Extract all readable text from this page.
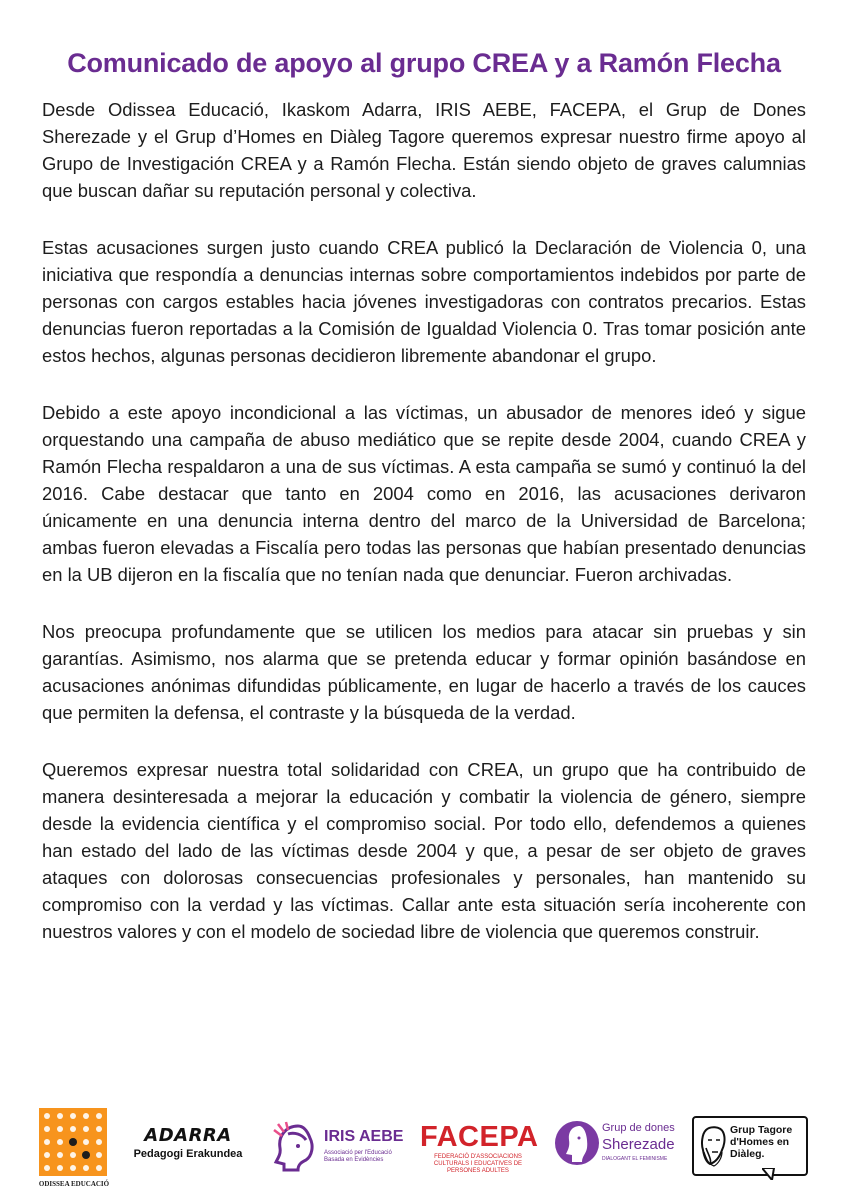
Comunicado de apoyo al grupo CREA y a Ramón Flecha

Desde Odissea Educació, Ikaskom Adarra, IRIS AEBE, FACEPA, el Grup de Dones Sherezade y el Grup d’Homes en Diàleg Tagore queremos expresar nuestro firme apoyo al Grupo de Investigación CREA y a Ramón Flecha. Están siendo objeto de graves calumnias que buscan dañar su reputación personal y colectiva.

Estas acusaciones surgen justo cuando CREA publicó la Declaración de Violencia 0, una iniciativa que respondía a denuncias internas sobre comportamientos indebidos por parte de personas con cargos estables hacia jóvenes investigadoras con contratos precarios. Estas denuncias fueron reportadas a la Comisión de Igualdad Violencia 0. Tras tomar posición ante estos hechos, algunas personas decidieron libremente abandonar el grupo.

Debido a este apoyo incondicional a las víctimas, un abusador de menores ideó y sigue orquestando una campaña de abuso mediático que se repite desde 2004, cuando CREA y Ramón Flecha respaldaron a una de sus víctimas. A esta campaña se sumó y continuó la del 2016. Cabe destacar que tanto en 2004 como en 2016, las acusaciones derivaron únicamente en una denuncia interna dentro del marco de la Universidad de Barcelona; ambas fueron elevadas a Fiscalía pero todas las personas que habían presentado denuncias en la UB dijeron en la fiscalía que no tenían nada que denunciar. Fueron archivadas.

Nos preocupa profundamente que se utilicen los medios para atacar sin pruebas y sin garantías. Asimismo, nos alarma que se pretenda educar y formar opinión basándose en acusaciones anónimas difundidas públicamente, en lugar de hacerlo a través de los cauces que permiten la defensa, el contraste y la búsqueda de la verdad.

Queremos expresar nuestra total solidaridad con CREA, un grupo que ha contribuido de manera desinteresada a mejorar la educación y combatir la violencia de género, siempre desde la evidencia científica y el compromiso social. Por todo ello, defendemos a quienes han estado del lado de las víctimas desde 2004 y que, a pesar de ser objeto de graves ataques con dolorosas consecuencias profesionales y personales, han mantenido su compromiso con la verdad y las víctimas. Callar ante esta situación sería incoherente con nuestros valores y con el modelo de sociedad libre de violencia que queremos construir.

ODISSEA EDUCACIÓ
ADARRA
Pedagogi Erakundea
IRIS AEBE
Associació per l'Educació Basada en Evidències
FACEPA
FEDERACIÓ D'ASSOCIACIONS CULTURALS I EDUCATIVES DE PERSONES ADULTES
Grup de dones
Sherezade
DIALOGANT EL FEMINISME
Grup Tagore d'Homes en Diàleg.
